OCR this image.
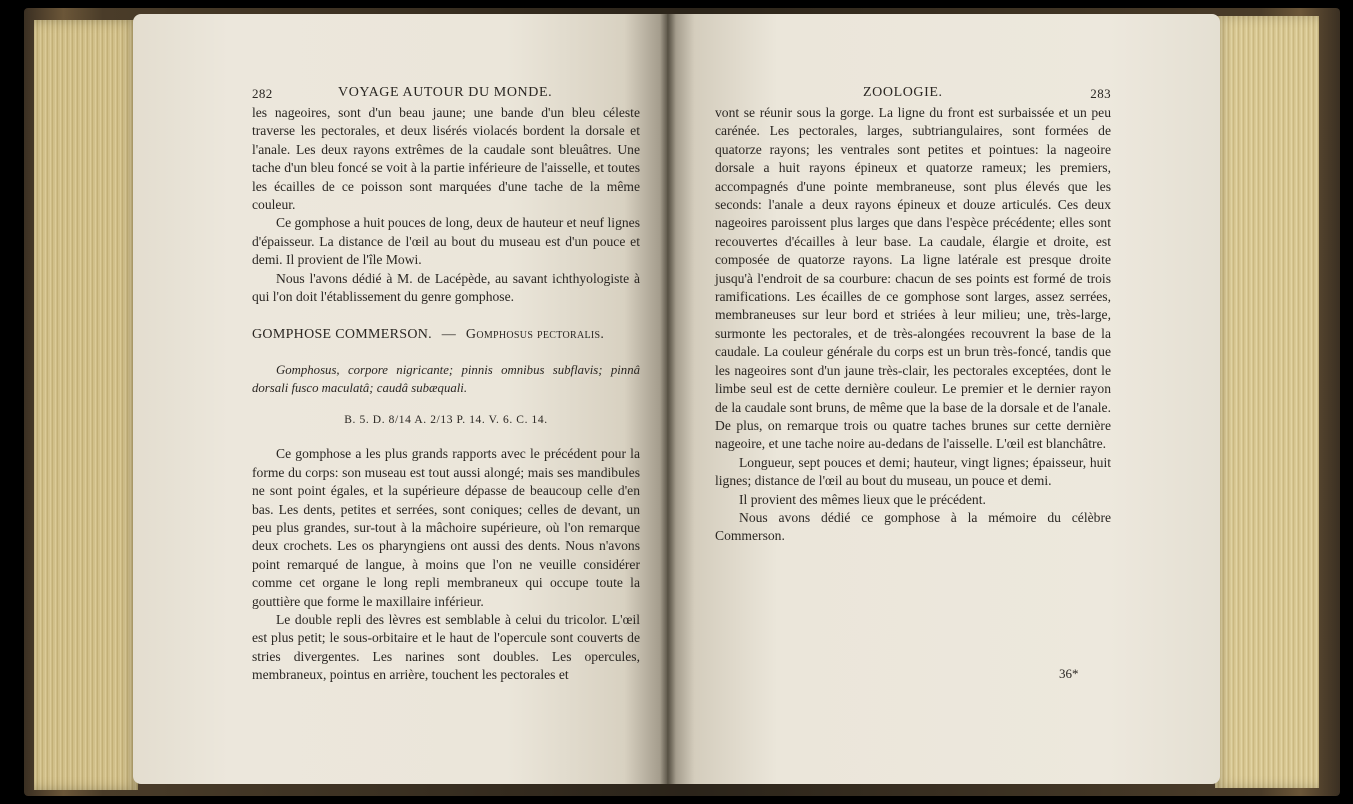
282	VOYAGE AUTOUR DU MONDE.

les nageoires, sont d'un beau jaune; une bande d'un bleu céleste traverse les pectorales, et deux lisérés violacés bordent la dorsale et l'anale. Les deux rayons extrêmes de la caudale sont bleuâtres. Une tache d'un bleu foncé se voit à la partie inférieure de l'aisselle, et toutes les écailles de ce poisson sont marquées d'une tache de la même couleur.

Ce gomphose a huit pouces de long, deux de hauteur et neuf lignes d'épaisseur. La distance de l'œil au bout du museau est d'un pouce et demi. Il provient de l'île Mowi.

Nous l'avons dédié à M. de Lacépède, au savant ichthyologiste à qui l'on doit l'établissement du genre gomphose.

GOMPHOSE COMMERSON. — Gomphosus pectoralis.

Gomphosus, corpore nigricante; pinnis omnibus subflavis; pinnâ dorsali fusco maculatâ; caudâ subæquali.

B. 5. D. 8/14 A. 2/13 P. 14. V. 6. C. 14.

Ce gomphose a les plus grands rapports avec le précédent pour la forme du corps: son museau est tout aussi alongé; mais ses mandibules ne sont point égales, et la supérieure dépasse de beaucoup celle d'en bas. Les dents, petites et serrées, sont coniques; celles de devant, un peu plus grandes, sur-tout à la mâchoire supérieure, où l'on remarque deux crochets. Les os pharyngiens ont aussi des dents. Nous n'avons point remarqué de langue, à moins que l'on ne veuille considérer comme cet organe le long repli membraneux qui occupe toute la gouttière que forme le maxillaire inférieur.

Le double repli des lèvres est semblable à celui du tricolor. L'œil est plus petit; le sous-orbitaire et le haut de l'opercule sont couverts de stries divergentes. Les narines sont doubles. Les opercules, membraneux, pointus en arrière, touchent les pectorales et

ZOOLOGIE.	283

vont se réunir sous la gorge. La ligne du front est surbaissée et un peu carénée. Les pectorales, larges, subtriangulaires, sont formées de quatorze rayons; les ventrales sont petites et pointues: la nageoire dorsale a huit rayons épineux et quatorze rameux; les premiers, accompagnés d'une pointe membraneuse, sont plus élevés que les seconds: l'anale a deux rayons épineux et douze articulés. Ces deux nageoires paroissent plus larges que dans l'espèce précédente; elles sont recouvertes d'écailles à leur base. La caudale, élargie et droite, est composée de quatorze rayons. La ligne latérale est presque droite jusqu'à l'endroit de sa courbure: chacun de ses points est formé de trois ramifications. Les écailles de ce gomphose sont larges, assez serrées, membraneuses sur leur bord et striées à leur milieu; une, très-large, surmonte les pectorales, et de très-alongées recouvrent la base de la caudale. La couleur générale du corps est un brun très-foncé, tandis que les nageoires sont d'un jaune très-clair, les pectorales exceptées, dont le limbe seul est de cette dernière couleur. Le premier et le dernier rayon de la caudale sont bruns, de même que la base de la dorsale et de l'anale. De plus, on remarque trois ou quatre taches brunes sur cette dernière nageoire, et une tache noire au-dedans de l'aisselle. L'œil est blanchâtre.

Longueur, sept pouces et demi; hauteur, vingt lignes; épaisseur, huit lignes; distance de l'œil au bout du museau, un pouce et demi.

Il provient des mêmes lieux que le précédent.

Nous avons dédié ce gomphose à la mémoire du célèbre Commerson.

36*
